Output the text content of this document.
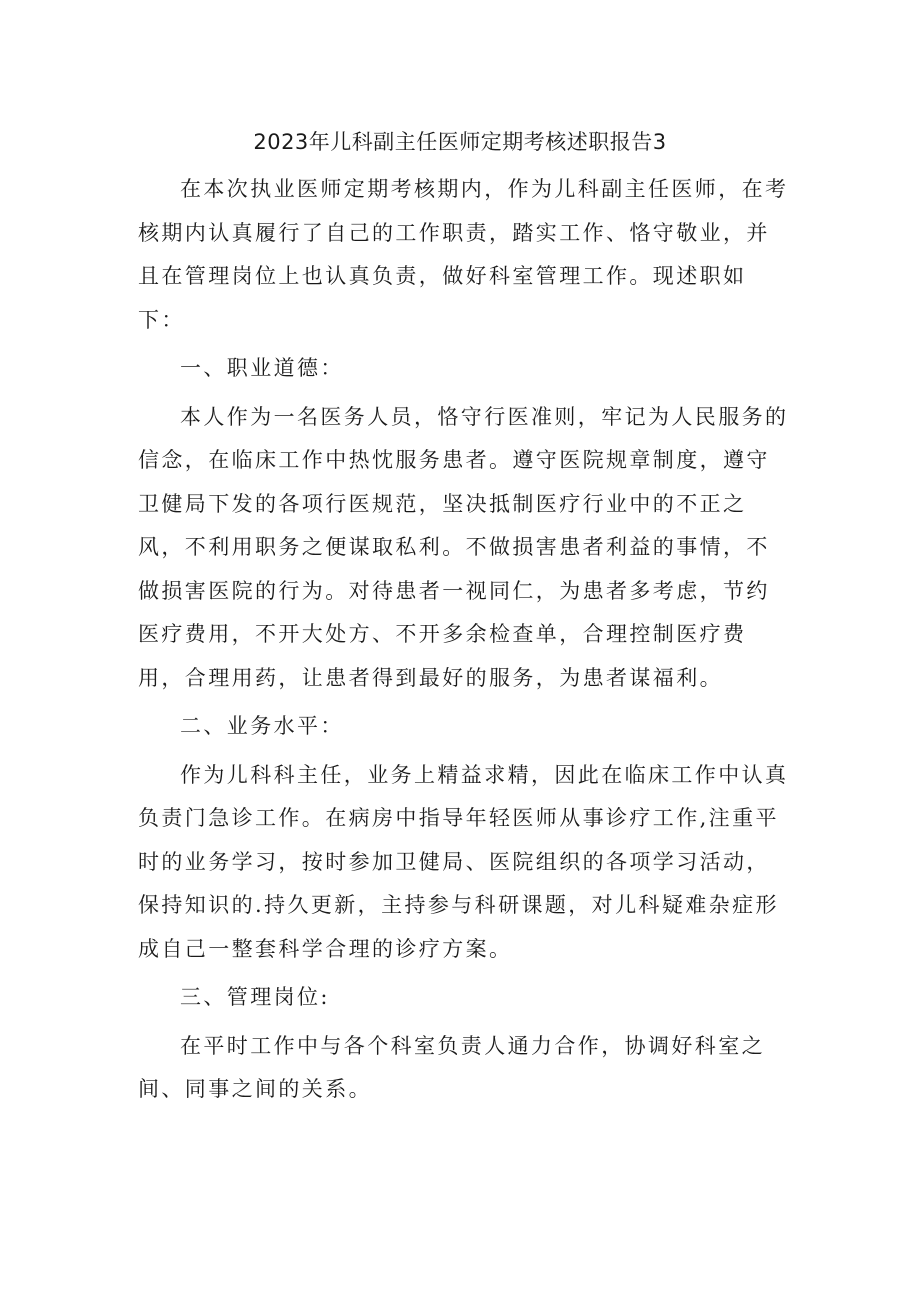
2023年儿科副主任医师定期考核述职报告3

在本次执业医师定期考核期内，作为儿科副主任医师，在考核期内认真履行了自己的工作职责，踏实工作、恪守敬业，并且在管理岗位上也认真负责，做好科室管理工作。现述职如下：

一、职业道德：

本人作为一名医务人员，恪守行医准则，牢记为人民服务的信念，在临床工作中热忱服务患者。遵守医院规章制度，遵守卫健局下发的各项行医规范，坚决抵制医疗行业中的不正之风，不利用职务之便谋取私利。不做损害患者利益的事情，不做损害医院的行为。对待患者一视同仁，为患者多考虑，节约医疗费用，不开大处方、不开多余检查单，合理控制医疗费用，合理用药，让患者得到最好的服务，为患者谋福利。

二、业务水平：

作为儿科科主任，业务上精益求精，因此在临床工作中认真负责门急诊工作。在病房中指导年轻医师从事诊疗工作,注重平时的业务学习，按时参加卫健局、医院组织的各项学习活动，保持知识的.持久更新，主持参与科研课题，对儿科疑难杂症形成自己一整套科学合理的诊疗方案。

三、管理岗位:

在平时工作中与各个科室负责人通力合作，协调好科室之间、同事之间的关系。
